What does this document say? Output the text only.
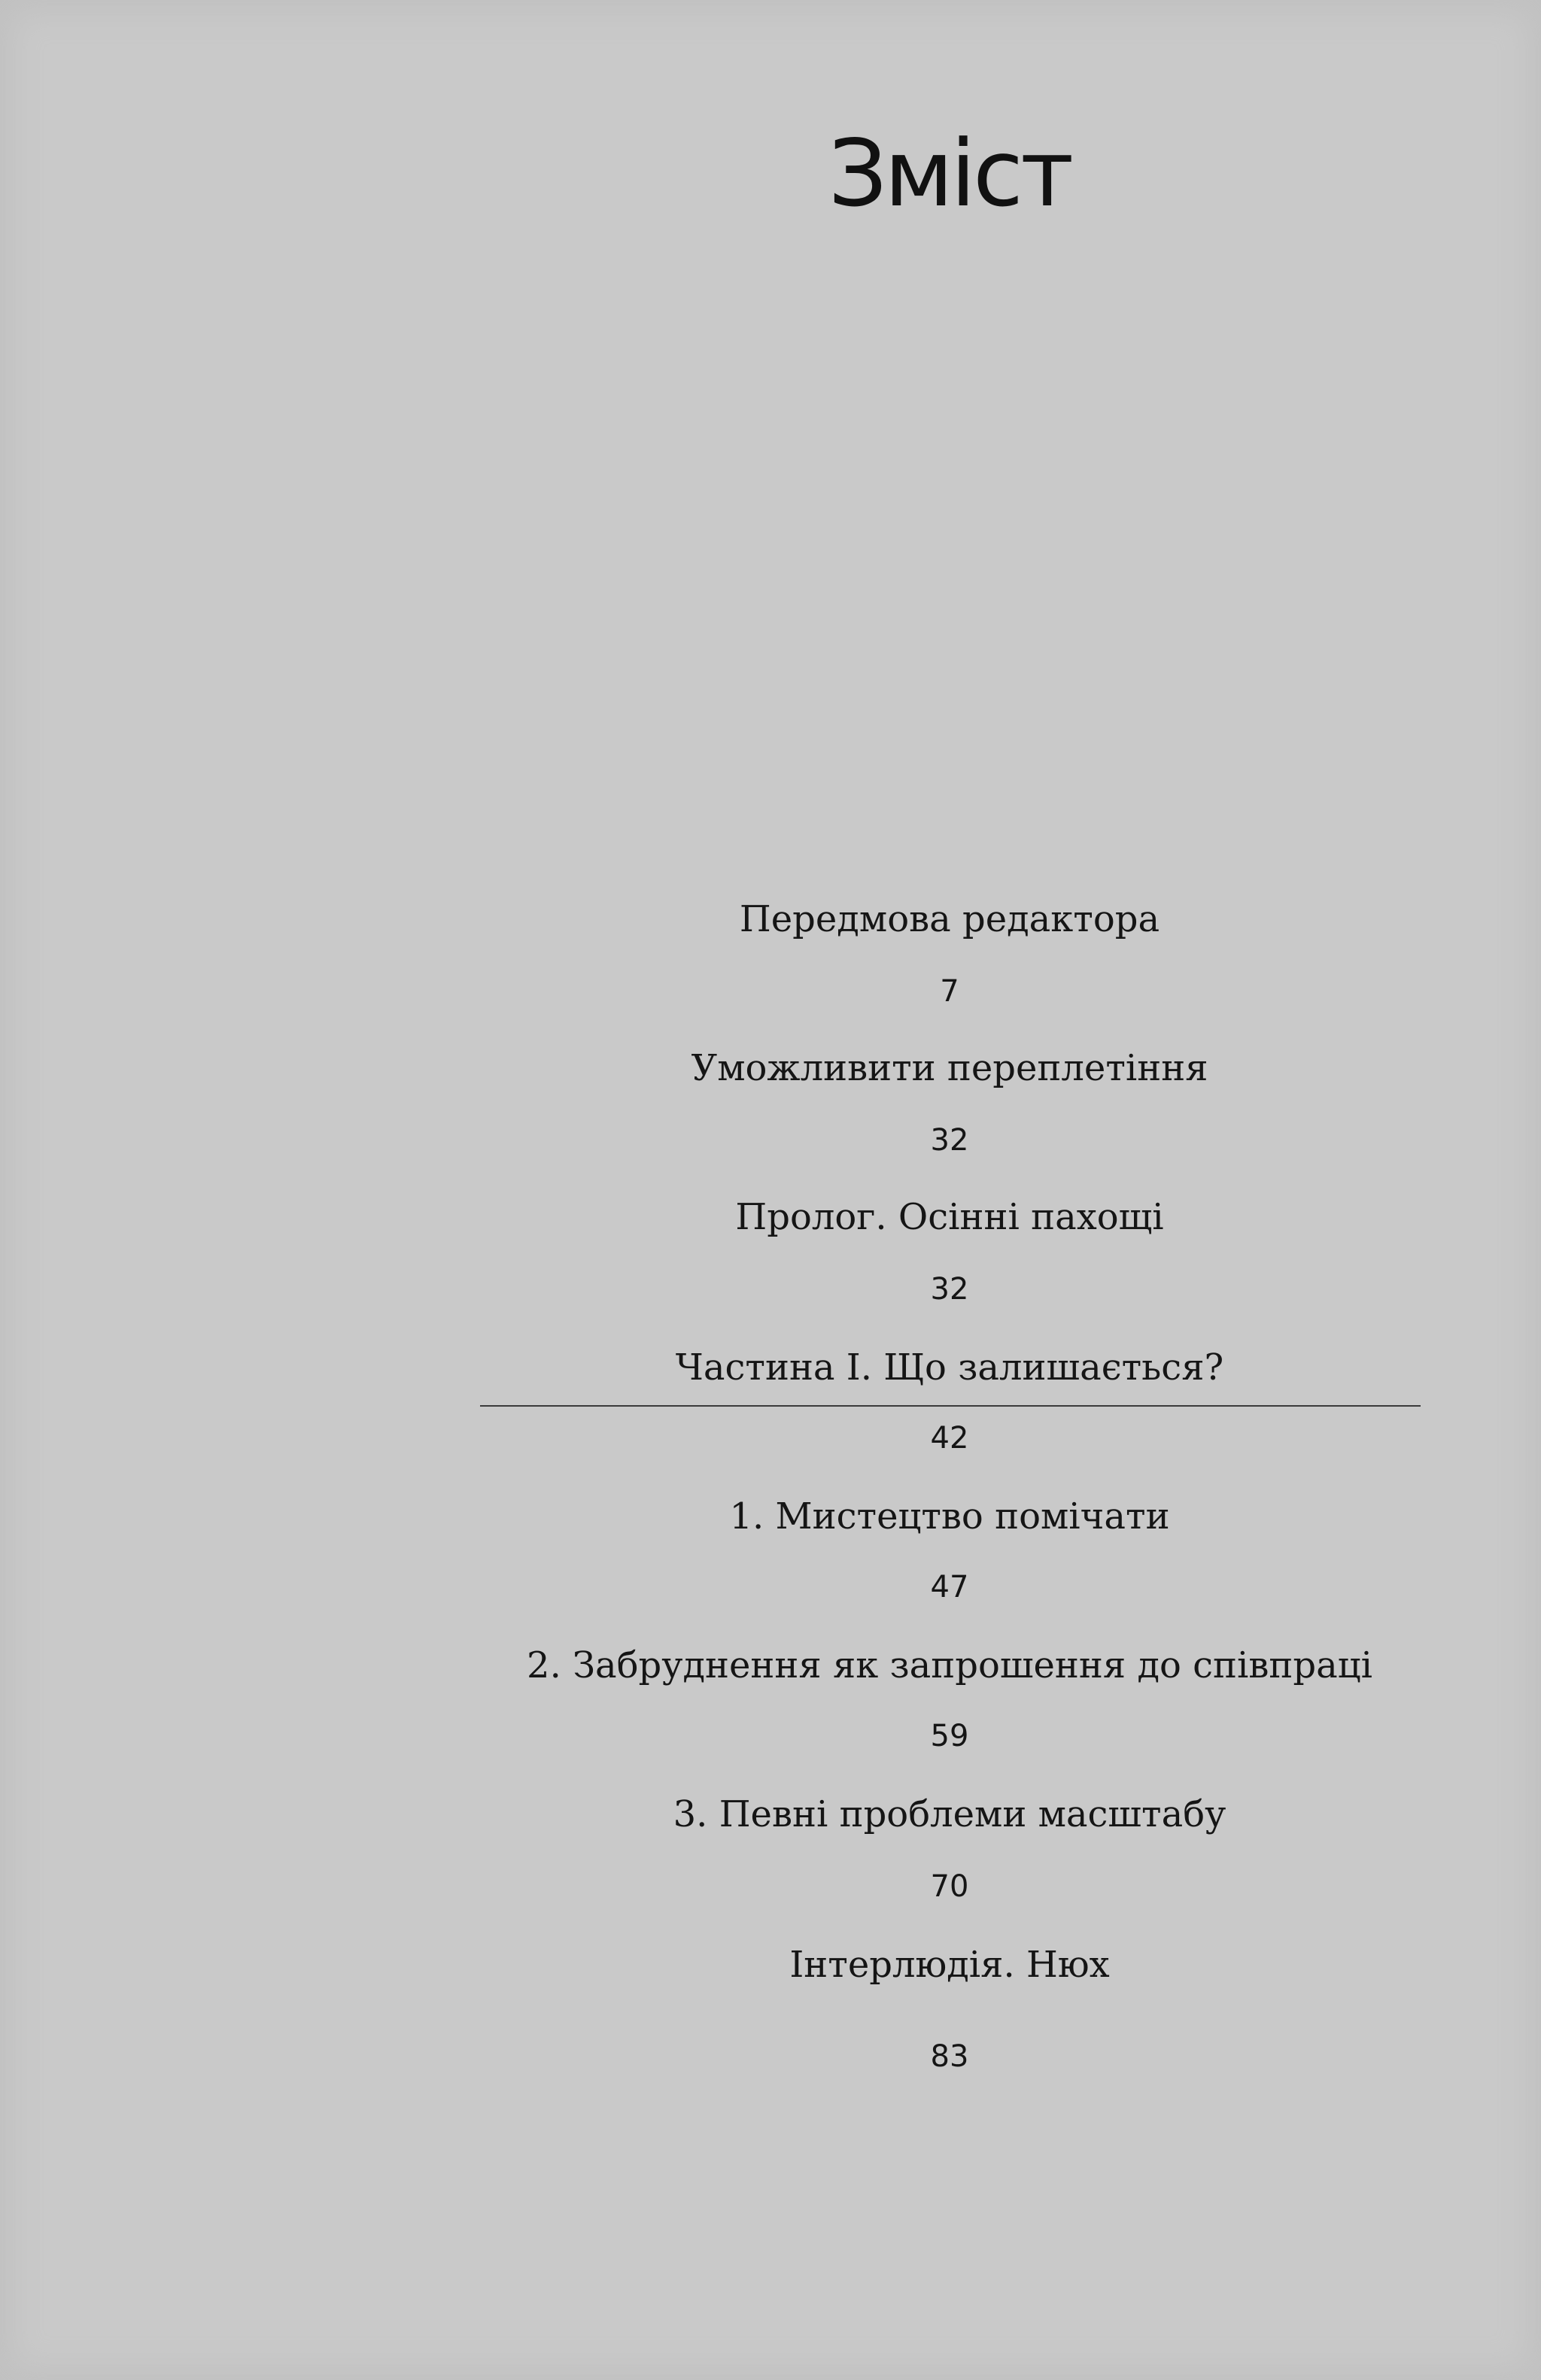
Зміст
Передмова редактора
7
Уможливити переплетіння
32
Пролог. Осінні пахощі
32
Частина І. Що залишається?
42
1. Мистецтво помічати
47
2. Забруднення як запрошення до співпраці
59
3. Певні проблеми масштабу
70
Інтерлюдія. Нюх
83
